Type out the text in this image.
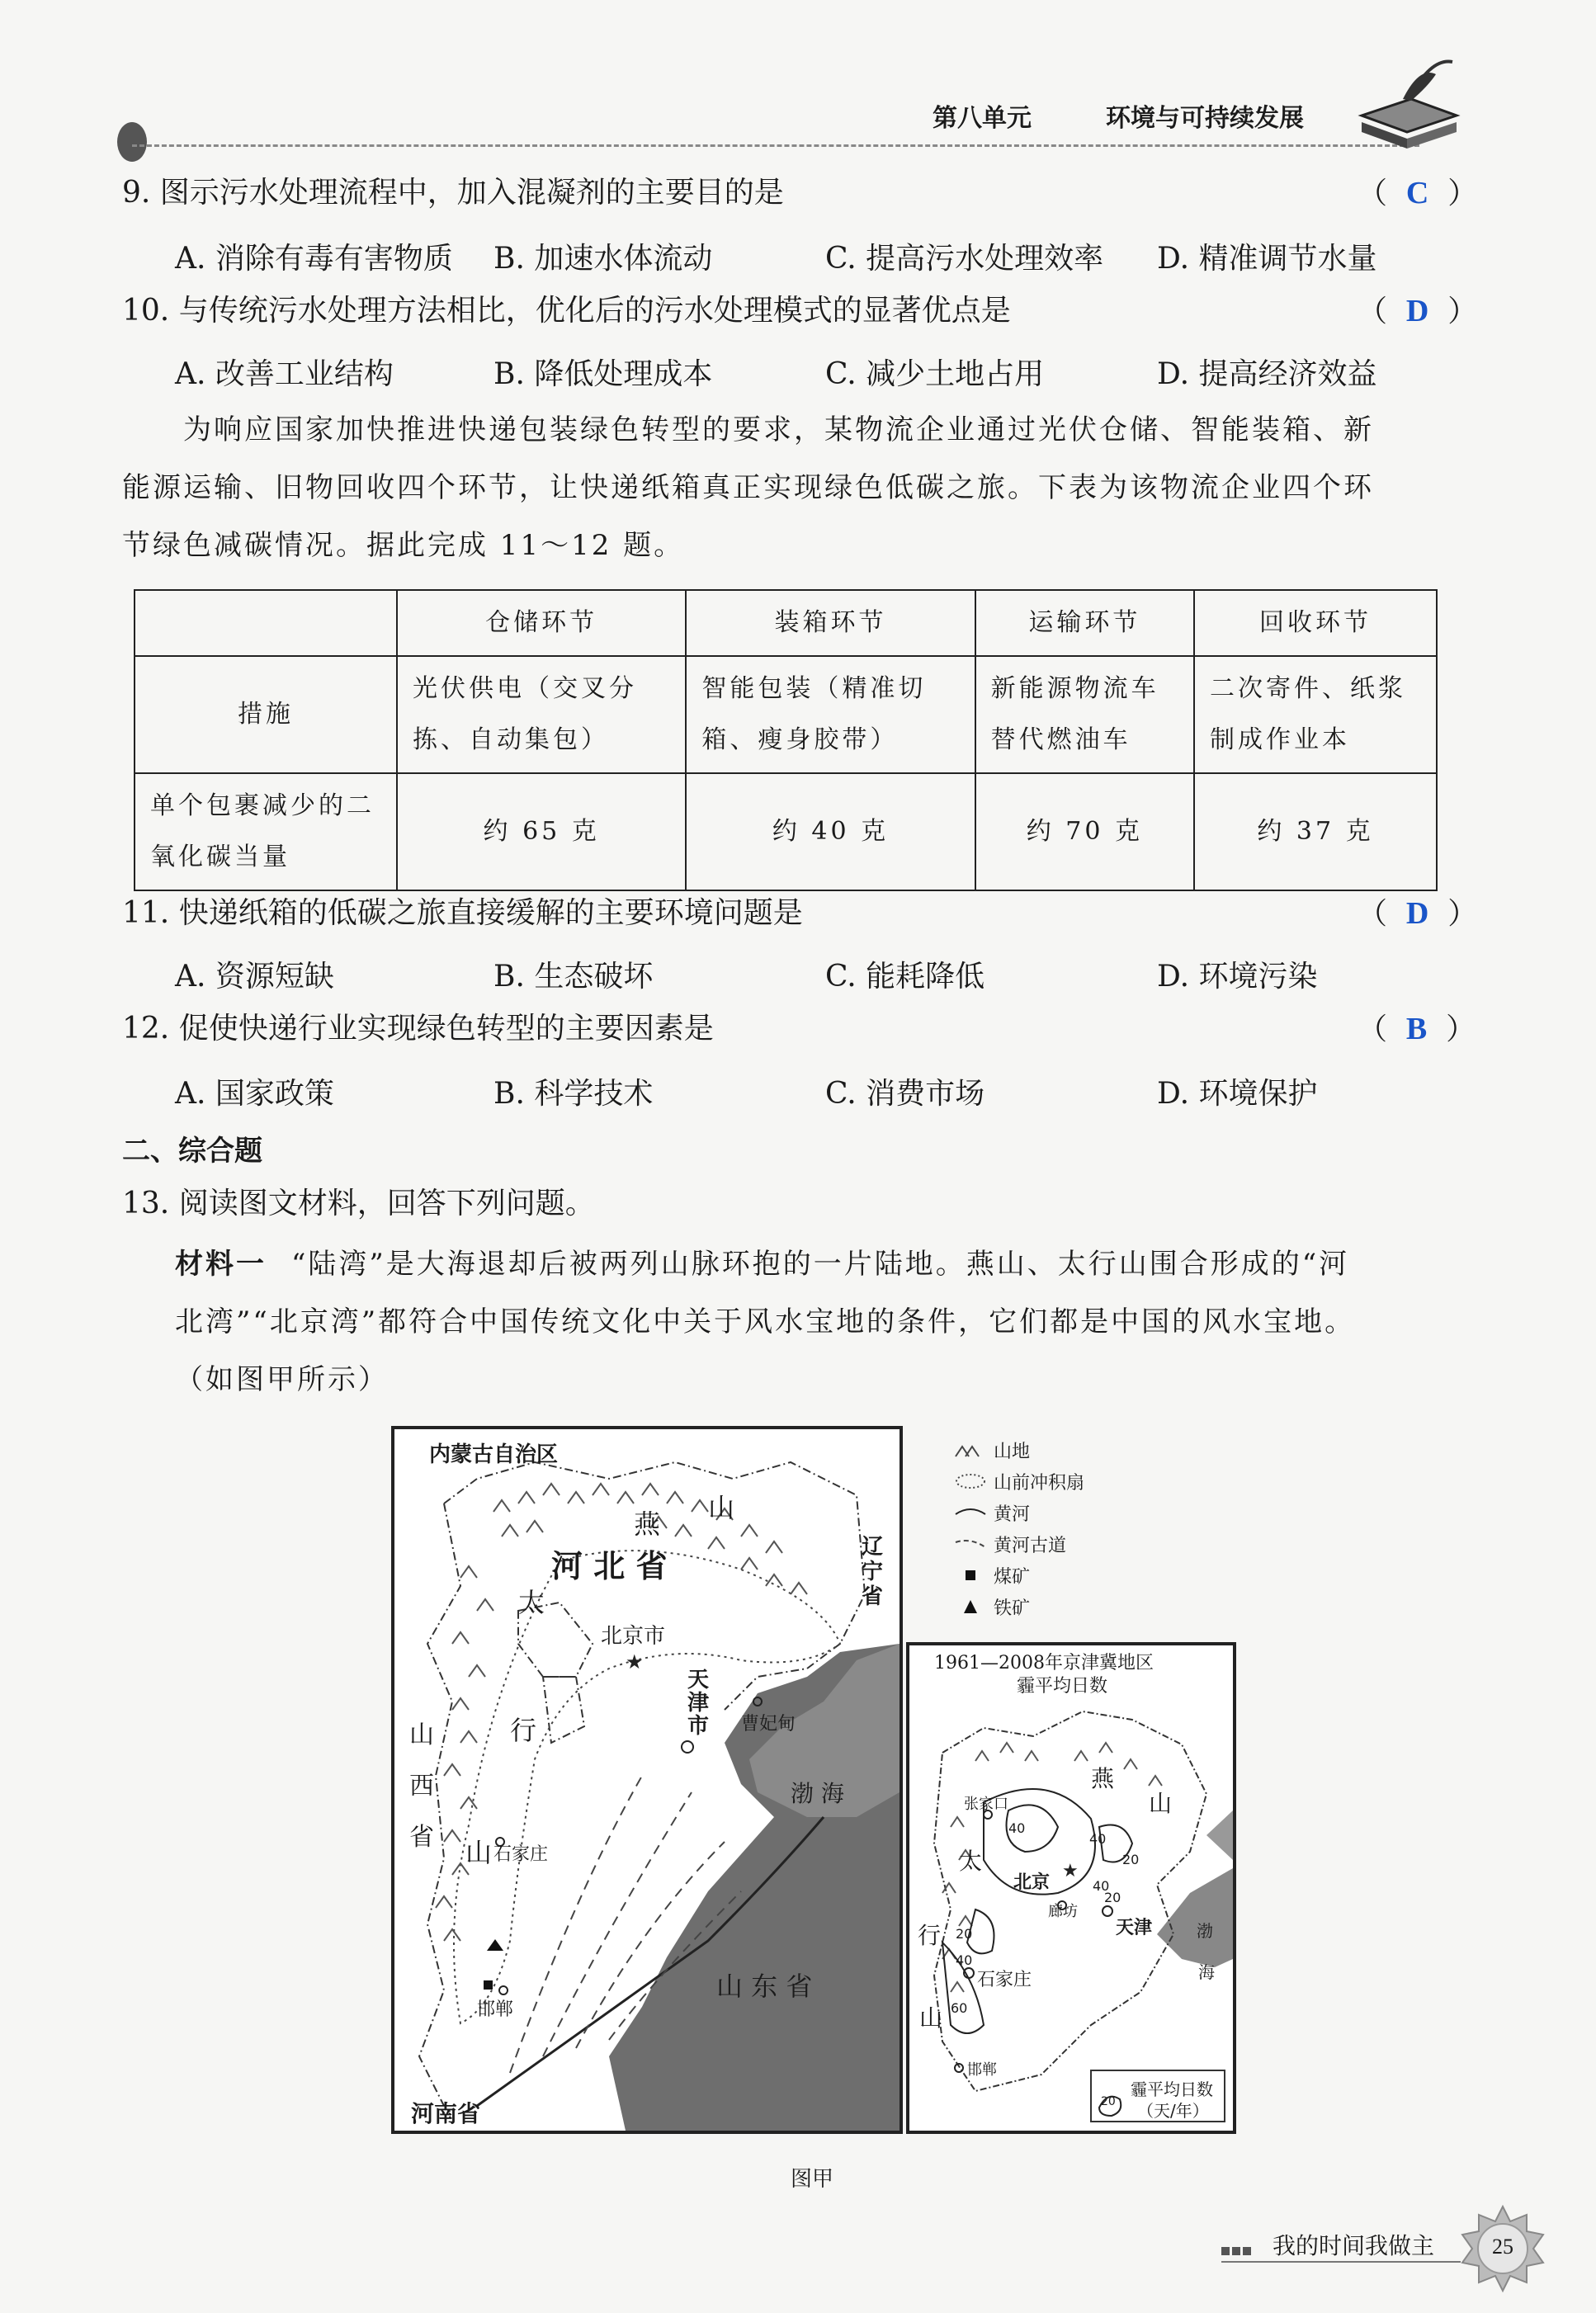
第八单元	环境与可持续发展
9. 图示污水处理流程中，加入混凝剂的主要目的是	（  C  ）
A. 消除有毒有害物质 B. 加速水体流动	C. 提高污水处理效率 D. 精准调节水量
10. 与传统污水处理方法相比，优化后的污水处理模式的显著优点是	（  D  ）
A. 改善工业结构	B. 降低处理成本	C. 减少土地占用	D. 提高经济效益
为响应国家加快推进快递包装绿色转型的要求，某物流企业通过光伏仓储、智能装箱、新
能源运输、旧物回收四个环节，让快递纸箱真正实现绿色低碳之旅。下表为该物流企业四个环
节绿色减碳情况。据此完成 11～12 题。
	仓储环节	装箱环节	运输环节	回收环节
措施	光伏供电（交叉分拣、自动集包）	智能包装（精准切箱、瘦身胶带）	新能源物流车替代燃油车	二次寄件、纸浆制成作业本
单个包裹减少的二氧化碳当量	约 65 克	约 40 克	约 70 克	约 37 克
11. 快递纸箱的低碳之旅直接缓解的主要环境问题是	（  D  ）
A. 资源短缺	B. 生态破坏	C. 能耗降低	D. 环境污染
12. 促使快递行业实现绿色转型的主要因素是	（  B  ）
A. 国家政策	B. 科学技术	C. 消费市场	D. 环境保护
二、综合题
13. 阅读图文材料，回答下列问题。
材料一 “陆湾”是大海退却后被两列山脉环抱的一片陆地。燕山、太行山围合形成的“河
北湾”“北京湾”都符合中国传统文化中关于风水宝地的条件，它们都是中国的风水宝地。
（如图甲所示）
★
内蒙古自治区
燕
山
河 北 省
辽宁省
太
北京市
天津市 曹妃甸
渤 海
行
山西省 山 石家庄
邯郸
山 东 省
河南省
山地
山前冲积扇
黄河
黄河古道
煤矿
铁矿
★
1961—2008年京津冀地区
霾平均日数
燕
山
张家口
太
北京
廊坊
天津	渤
海
行
石家庄
山
邯郸
40
40
20
40
20
20
40
60
20
霾平均日数
（天/年）
图甲
我的时间我做主	25
